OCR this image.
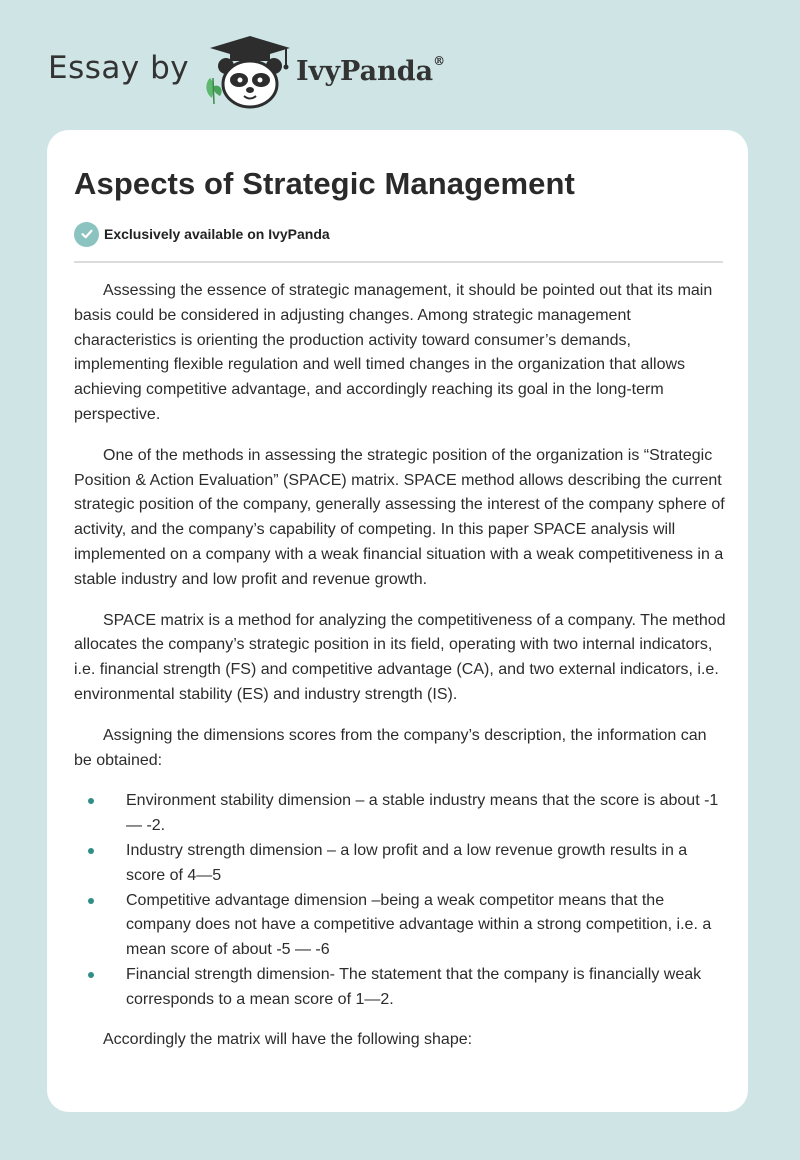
Essay by	IvyPanda®
Aspects of Strategic Management
Exclusively available on IvyPanda

Assessing the essence of strategic management, it should be pointed out that its main basis could be considered in adjusting changes. Among strategic management characteristics is orienting the production activity toward consumer’s demands, implementing flexible regulation and well timed changes in the organization that allows achieving competitive advantage, and accordingly reaching its goal in the long-term perspective.

One of the methods in assessing the strategic position of the organization is “Strategic Position & Action Evaluation” (SPACE) matrix. SPACE method allows describing the current strategic position of the company, generally assessing the interest of the company sphere of activity, and the company’s capability of competing. In this paper SPACE analysis will implemented on a company with a weak financial situation with a weak competitiveness in a stable industry and low profit and revenue growth.

SPACE matrix is a method for analyzing the competitiveness of a company. The method allocates the company’s strategic position in its field, operating with two internal indicators, i.e. financial strength (FS) and competitive advantage (CA), and two external indicators, i.e. environmental stability (ES) and industry strength (IS).

Assigning the dimensions scores from the company’s description, the information can be obtained:

Environment stability dimension – a stable industry means that the score is about -1 — -2.
Industry strength dimension – a low profit and a low revenue growth results in a score of 4—5
Competitive advantage dimension –being a weak competitor means that the company does not have a competitive advantage within a strong competition, i.e. a mean score of about -5 — -6
Financial strength dimension- The statement that the company is financially weak corresponds to a mean score of 1—2.

Accordingly the matrix will have the following shape:
